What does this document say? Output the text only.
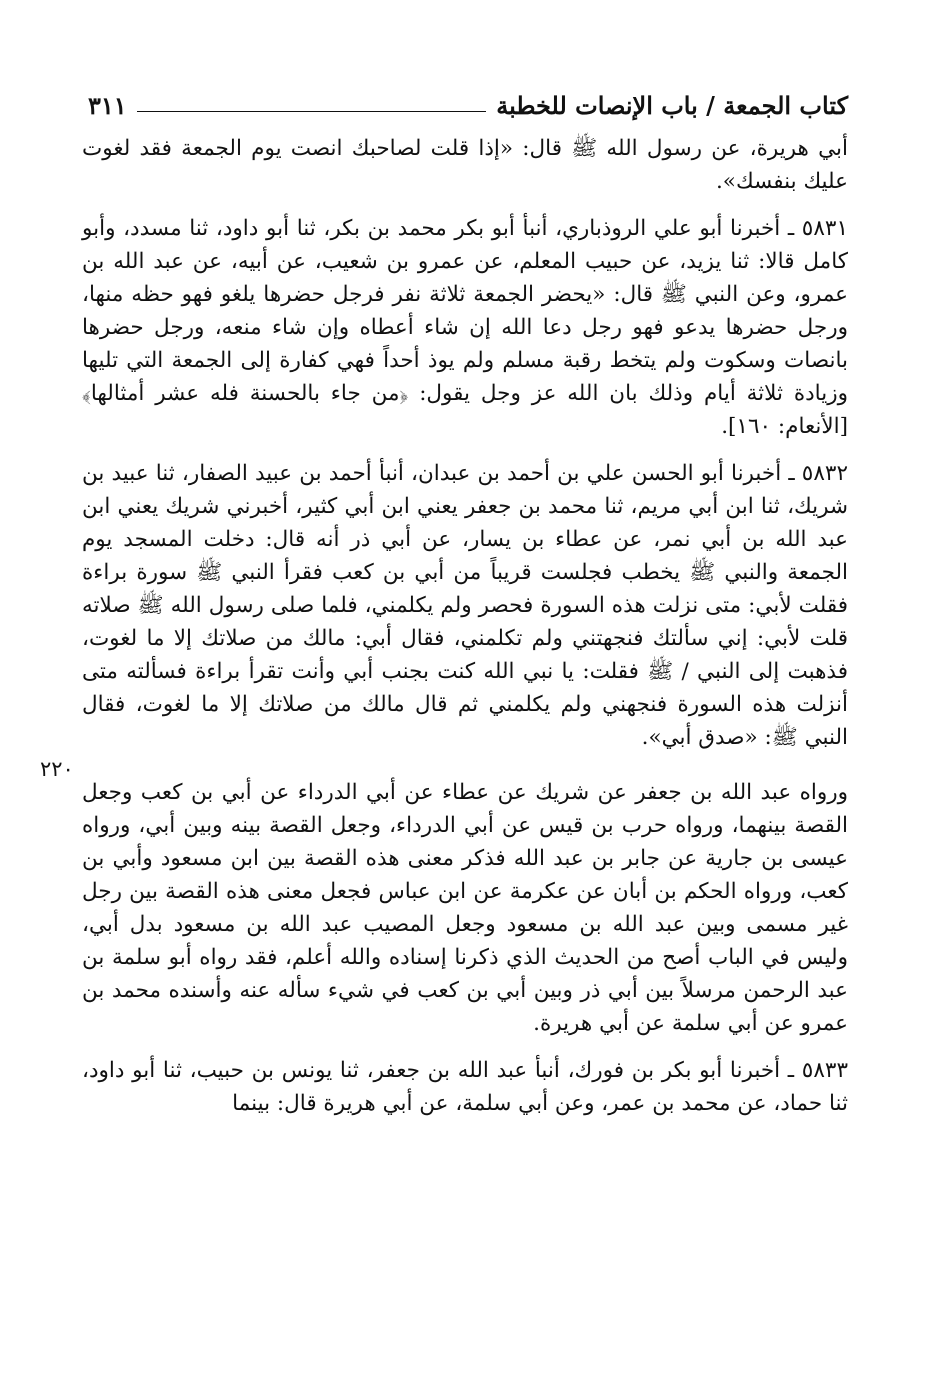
كتاب الجمعة / باب الإنصات للخطبة
٣١١
٢٢٠

أبي هريرة، عن رسول الله ﷺ قال: «إذا قلت لصاحبك انصت يوم الجمعة فقد لغوت عليك بنفسك».

٥٨٣١ ـ أخبرنا أبو علي الروذباري، أنبأ أبو بكر محمد بن بكر، ثنا أبو داود، ثنا مسدد، وأبو كامل قالا: ثنا يزيد، عن حبيب المعلم، عن عمرو بن شعيب، عن أبيه، عن عبد الله بن عمرو، وعن النبي ﷺ قال: «يحضر الجمعة ثلاثة نفر فرجل حضرها يلغو فهو حظه منها، ورجل حضرها يدعو فهو رجل دعا الله إن شاء أعطاه وإن شاء منعه، ورجل حضرها بانصات وسكوت ولم يتخط رقبة مسلم ولم يوذ أحداً فهي كفارة إلى الجمعة التي تليها وزيادة ثلاثة أيام وذلك بان الله عز وجل يقول: ﴿من جاء بالحسنة فله عشر أمثالها﴾ [الأنعام: ١٦٠].

٥٨٣٢ ـ أخبرنا أبو الحسن علي بن أحمد بن عبدان، أنبأ أحمد بن عبيد الصفار، ثنا عبيد بن شريك، ثنا ابن أبي مريم، ثنا محمد بن جعفر يعني ابن أبي كثير، أخبرني شريك يعني ابن عبد الله بن أبي نمر، عن عطاء بن يسار، عن أبي ذر أنه قال: دخلت المسجد يوم الجمعة والنبي ﷺ يخطب فجلست قريباً من أبي بن كعب فقرأ النبي ﷺ سورة براءة فقلت لأبي: متى نزلت هذه السورة فحصر ولم يكلمني، فلما صلى رسول الله ﷺ صلاته قلت لأبي: إني سألتك فنجهتني ولم تكلمني، فقال أبي: مالك من صلاتك إلا ما لغوت، فذهبت إلى النبي / ﷺ فقلت: يا نبي الله كنت بجنب أبي وأنت تقرأ براءة فسألته متى أنزلت هذه السورة فنجهني ولم يكلمني ثم قال مالك من صلاتك إلا ما لغوت، فقال النبي ﷺ: «صدق أبي».

ورواه عبد الله بن جعفر عن شريك عن عطاء عن أبي الدرداء عن أبي بن كعب وجعل القصة بينهما، ورواه حرب بن قيس عن أبي الدرداء، وجعل القصة بينه وبين أبي، ورواه عيسى بن جارية عن جابر بن عبد الله فذكر معنى هذه القصة بين ابن مسعود وأبي بن كعب، ورواه الحكم بن أبان عن عكرمة عن ابن عباس فجعل معنى هذه القصة بين رجل غير مسمى وبين عبد الله بن مسعود وجعل المصيب عبد الله بن مسعود بدل أبي، وليس في الباب أصح من الحديث الذي ذكرنا إسناده والله أعلم، فقد رواه أبو سلمة بن عبد الرحمن مرسلاً بين أبي ذر وبين أبي بن كعب في شيء سأله عنه وأسنده محمد بن عمرو عن أبي سلمة عن أبي هريرة.

٥٨٣٣ ـ أخبرنا أبو بكر بن فورك، أنبأ عبد الله بن جعفر، ثنا يونس بن حبيب، ثنا أبو داود، ثنا حماد، عن محمد بن عمر، وعن أبي سلمة، عن أبي هريرة قال: بينما
